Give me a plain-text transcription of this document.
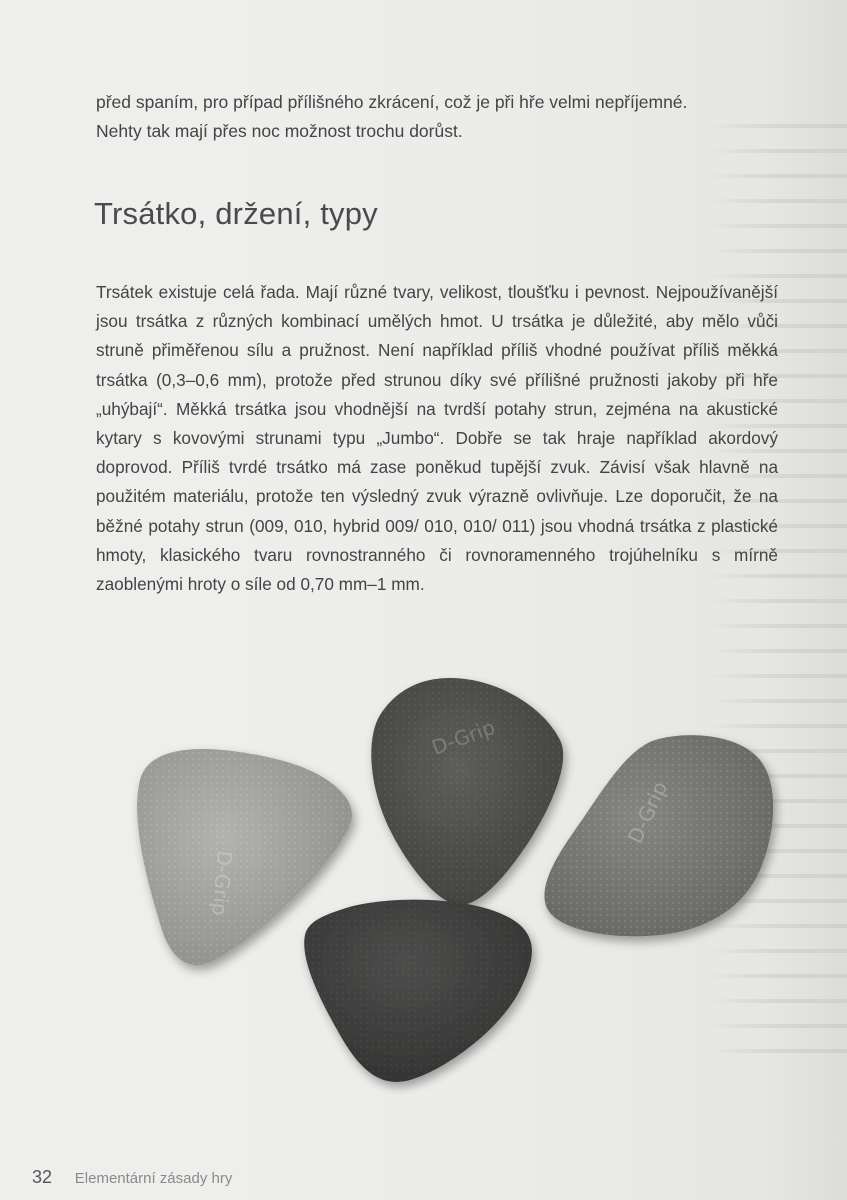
před spaním, pro případ přílišného zkrácení, což je při hře velmi nepříjemné.
Nehty tak mají přes noc možnost trochu dorůst.

Trsátko, držení, typy

Trsátek existuje celá řada. Mají různé tvary, velikost, tloušťku i pevnost. Nejpoužívanější jsou trsátka z různých kombinací umělých hmot. U trsátka je důležité, aby mělo vůči struně přiměřenou sílu a pružnost. Není například příliš vhodné používat příliš měkká trsátka (0,3–0,6 mm), protože před strunou díky své přílišné pružnosti jakoby při hře „uhýbají“. Měkká trsátka jsou vhodnější na tvrdší potahy strun, zejména na akustické kytary s kovovými strunami typu „Jumbo“. Dobře se tak hraje například akordový doprovod. Příliš tvrdé trsátko má zase poněkud tupější zvuk. Závisí však hlavně na použitém materiálu, protože ten výsledný zvuk výrazně ovlivňuje. Lze doporučit, že na běžné potahy strun (009, 010, hybrid 009/ 010, 010/ 011) jsou vhodná trsátka z plastické hmoty, klasického tvaru rovnostranného či rovnoramenného trojúhelníku s mírně zaoblenými hroty o síle od 0,70 mm–1 mm.

D-Grip
D-Grip
D-Grip
32 Elementární zásady hry
